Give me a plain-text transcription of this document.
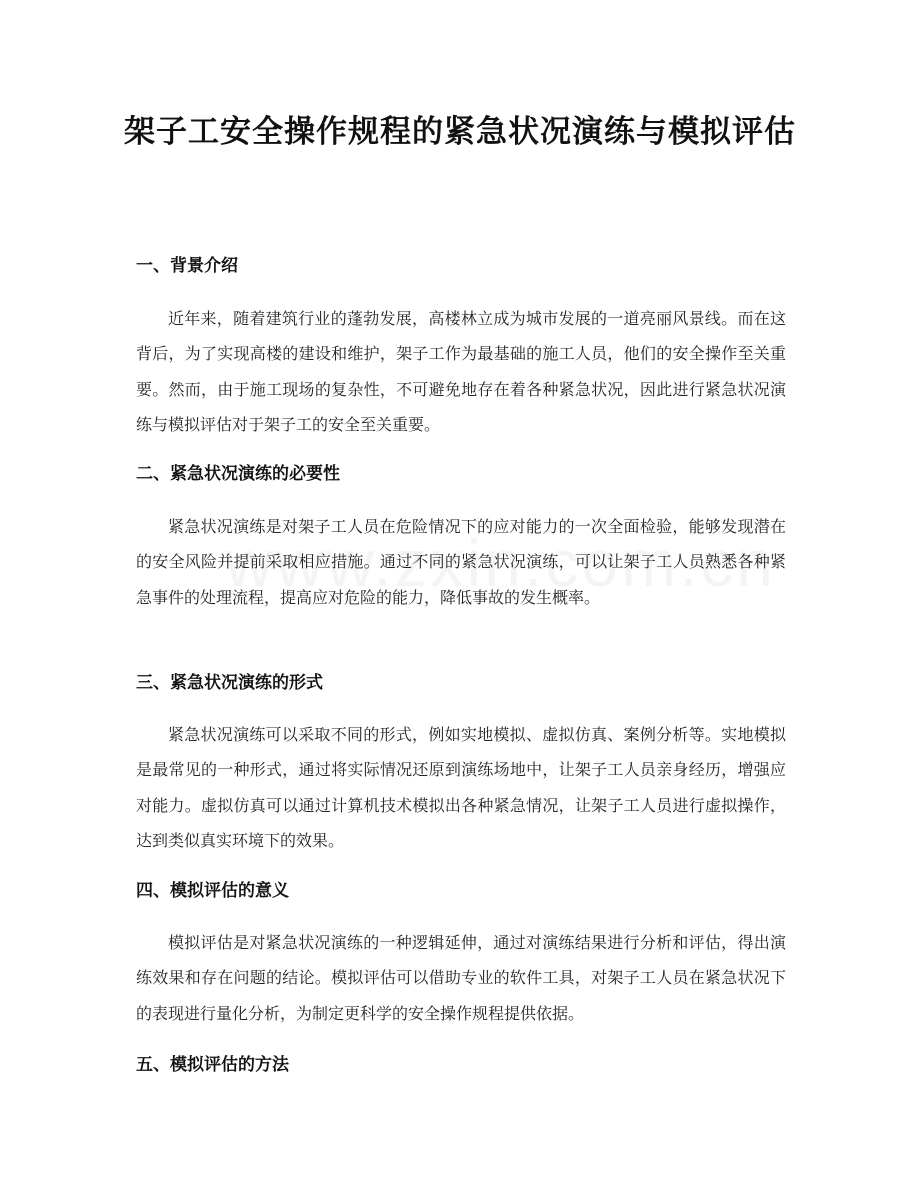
架子工安全操作规程的紧急状况演练与模拟评估
一、背景介绍

近年来，随着建筑行业的蓬勃发展，高楼林立成为城市发展的一道亮丽风景线。而在这背后，为了实现高楼的建设和维护，架子工作为最基础的施工人员，他们的安全操作至关重要。然而，由于施工现场的复杂性，不可避免地存在着各种紧急状况，因此进行紧急状况演练与模拟评估对于架子工的安全至关重要。

二、紧急状况演练的必要性

紧急状况演练是对架子工人员在危险情况下的应对能力的一次全面检验，能够发现潜在的安全风险并提前采取相应措施。通过不同的紧急状况演练，可以让架子工人员熟悉各种紧急事件的处理流程，提高应对危险的能力，降低事故的发生概率。

三、紧急状况演练的形式

紧急状况演练可以采取不同的形式，例如实地模拟、虚拟仿真、案例分析等。实地模拟是最常见的一种形式，通过将实际情况还原到演练场地中，让架子工人员亲身经历，增强应对能力。虚拟仿真可以通过计算机技术模拟出各种紧急情况，让架子工人员进行虚拟操作，达到类似真实环境下的效果。

四、模拟评估的意义

模拟评估是对紧急状况演练的一种逻辑延伸，通过对演练结果进行分析和评估，得出演练效果和存在问题的结论。模拟评估可以借助专业的软件工具，对架子工人员在紧急状况下的表现进行量化分析，为制定更科学的安全操作规程提供依据。

五、模拟评估的方法
